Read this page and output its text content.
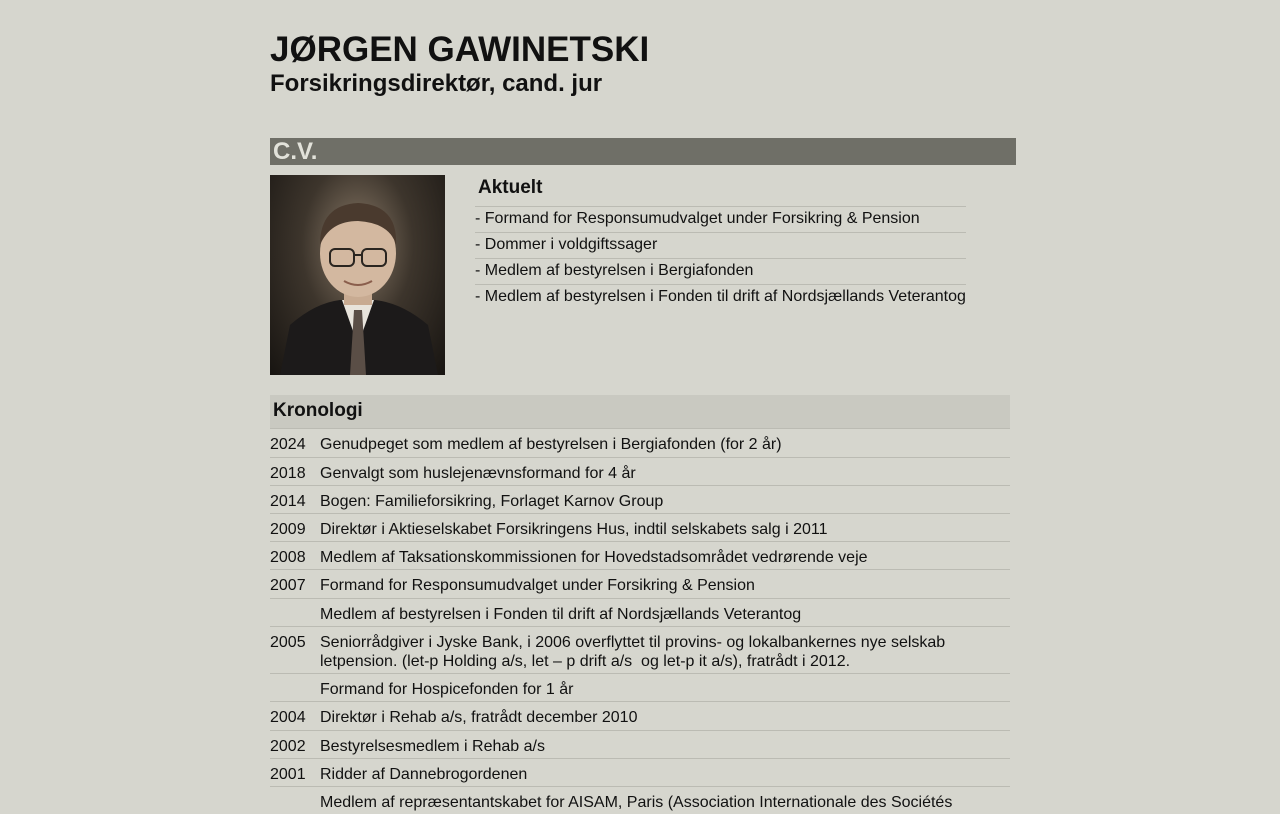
JØRGEN GAWINETSKI
Forsikringsdirektør, cand. jur
C.V.
Aktuelt
- Formand for Responsumudvalget under Forsikring & Pension
- Dommer i voldgiftssager
- Medlem af bestyrelsen i Bergiafonden
- Medlem af bestyrelsen i Fonden til drift af Nordsjællands Veterantog
Kronologi
2024 Genudpeget som medlem af bestyrelsen i Bergiafonden (for 2 år)
2018 Genvalgt som huslejenævnsformand for 4 år
2014 Bogen: Familieforsikring, Forlaget Karnov Group
2009 Direktør i Aktieselskabet Forsikringens Hus, indtil selskabets salg i 2011
2008 Medlem af Taksationskommissionen for Hovedstadsområdet vedrørende veje
2007 Formand for Responsumudvalget under Forsikring & Pension
Medlem af bestyrelsen i Fonden til drift af Nordsjællands Veterantog
2005 Seniorrådgiver i Jyske Bank, i 2006 overflyttet til provins- og lokalbankernes nye selskab letpension. (let-p Holding a/s, let – p drift a/s  og let-p it a/s), fratrådt i 2012.
Formand for Hospicefonden for 1 år
2004 Direktør i Rehab a/s, fratrådt december 2010
2002 Bestyrelsesmedlem i Rehab a/s
2001 Ridder af Dannebrogordenen
Medlem af repræsentantskabet for AISAM, Paris (Association Internationale des Sociétés
